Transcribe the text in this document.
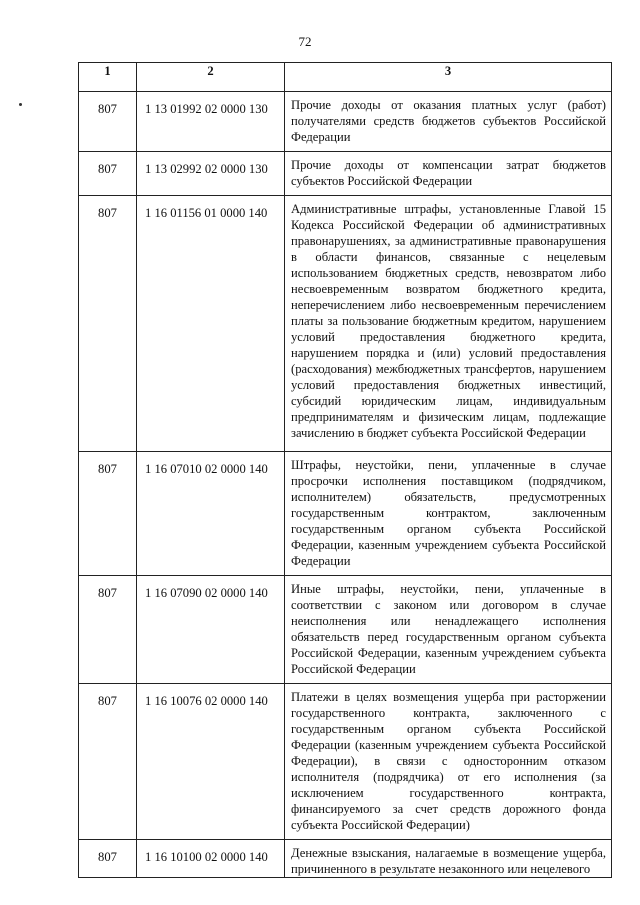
72
1	2	3
807	1 13 01992 02 0000 130	Прочие доходы от оказания платных услуг (работ) получателями средств бюджетов субъектов Российской Федерации
807	1 13 02992 02 0000 130	Прочие доходы от компенсации затрат бюджетов субъектов Российской Федерации
807	1 16 01156 01 0000 140	Административные штрафы, установленные Главой 15 Кодекса Российской Федерации об административных правонарушениях, за административные правонарушения в области финансов, связанные с нецелевым использованием бюджетных средств, невозвратом либо несвоевременным возвратом бюджетного кредита, неперечислением либо несвоевременным перечислением платы за пользование бюджетным кредитом, нарушением условий предоставления бюджетного кредита, нарушением порядка и (или) условий предоставления (расходования) межбюджетных трансфертов, нарушением условий предоставления бюджетных инвестиций, субсидий юридическим лицам, индивидуальным предпринимателям и физическим лицам, подлежащие зачислению в бюджет субъекта Российской Федерации
807	1 16 07010 02 0000 140	Штрафы, неустойки, пени, уплаченные в случае просрочки исполнения поставщиком (подрядчиком, исполнителем) обязательств, предусмотренных государственным контрактом, заключенным государственным органом субъекта Российской Федерации, казенным учреждением субъекта Российской Федерации
807	1 16 07090 02 0000 140	Иные штрафы, неустойки, пени, уплаченные в соответствии с законом или договором в случае неисполнения или ненадлежащего исполнения обязательств перед государственным органом субъекта Российской Федерации, казенным учреждением субъекта Российской Федерации
807	1 16 10076 02 0000 140	Платежи в целях возмещения ущерба при расторжении государственного контракта, заключенного с государственным органом субъекта Российской Федерации (казенным учреждением субъекта Российской Федерации), в связи с односторонним отказом исполнителя (подрядчика) от его исполнения (за исключением государственного контракта, финансируемого за счет средств дорожного фонда субъекта Российской Федерации)
807	1 16 10100 02 0000 140	Денежные взыскания, налагаемые в возмещение ущерба, причиненного в результате незаконного или нецелевого
